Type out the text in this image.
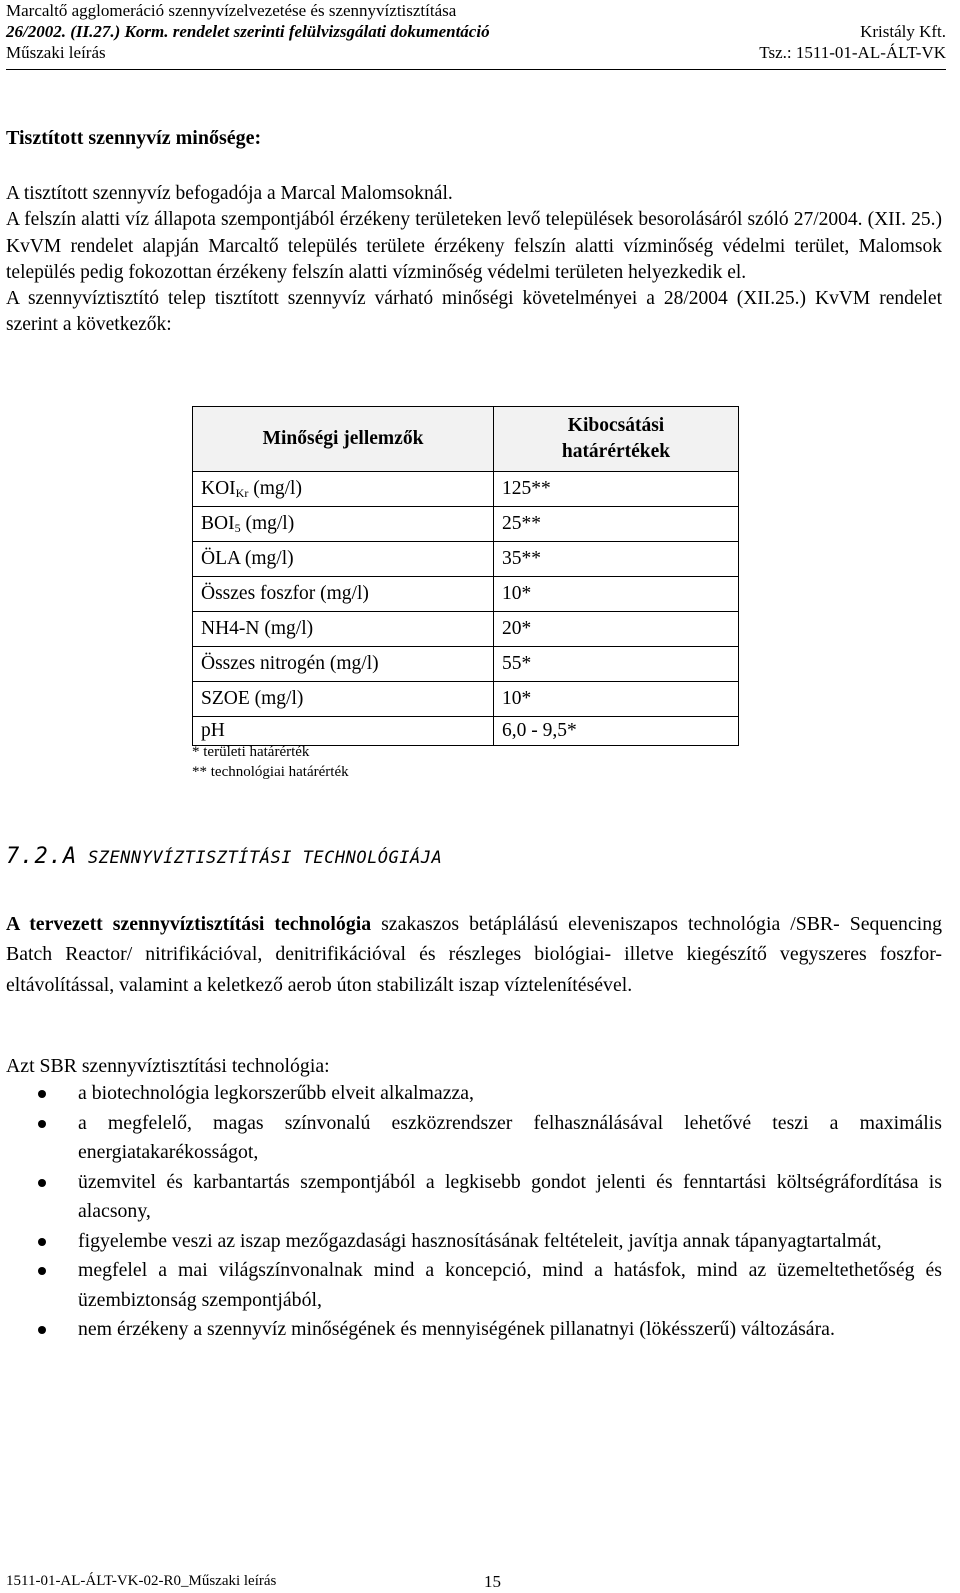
Marcaltő agglomeráció szennyvízelvezetése és szennyvíztisztítása
26/2002. (II.27.) Korm. rendelet szerinti felülvizsgálati dokumentáció	Kristály Kft.
Műszaki leírás	Tsz.: 1511-01-AL-ÁLT-VK
Tisztított szennyvíz minősége:
A tisztított szennyvíz befogadója a Marcal Malomsoknál.
A felszín alatti víz állapota szempontjából érzékeny területeken levő települések besorolásáról szóló 27/2004. (XII. 25.) KvVM rendelet alapján Marcaltő település területe érzékeny felszín alatti vízminőség védelmi terület, Malomsok település pedig fokozottan érzékeny felszín alatti vízminőség védelmi területen helyezkedik el.
A szennyvíztisztító telep tisztított szennyvíz várható minőségi követelményei a 28/2004 (XII.25.) KvVM rendelet szerint a következők:
Minőségi jellemzők	Kibocsátási
határértékek
$KOI_{Kr}$ (mg/l)	125**
$BOI_5$ (mg/l)	25**
ÖLA (mg/l)	35**
Összes foszfor (mg/l)	10*
NH4-N (mg/l)	20*
Összes nitrogén (mg/l)	55*
SZOE (mg/l)	10*
pH	6,0 - 9,5*
* területi határérték
** technológiai határérték
7.2.A SZENNYVÍZTISZTÍTÁSI TECHNOLÓGIÁJA
A tervezett szennyvíztisztítási technológia szakaszos betáplálású eleveniszapos technológia /SBR- Sequencing Batch Reactor/ nitrifikációval, denitrifikációval és részleges biológiai- illetve kiegészítő vegyszeres foszfor-eltávolítással, valamint a keletkező aerob úton stabilizált iszap víztelenítésével.
Azt SBR szennyvíztisztítási technológia:
a biotechnológia legkorszerűbb elveit alkalmazza,
a megfelelő, magas színvonalú eszközrendszer felhasználásával lehetővé teszi a maximális energiatakarékosságot,
üzemvitel és karbantartás szempontjából a legkisebb gondot jelenti és fenntartási költségráfordítása is alacsony,
figyelembe veszi az iszap mezőgazdasági hasznosításának feltételeit, javítja annak tápanyagtartalmát,
megfelel a mai világszínvonalnak mind a koncepció, mind a hatásfok, mind az üzemeltethetőség és üzembiztonság szempontjából,
nem érzékeny a szennyvíz minőségének és mennyiségének pillanatnyi (lökésszerű) változására.
1511-01-AL-ÁLT-VK-02-R0_Műszaki leírás	15
